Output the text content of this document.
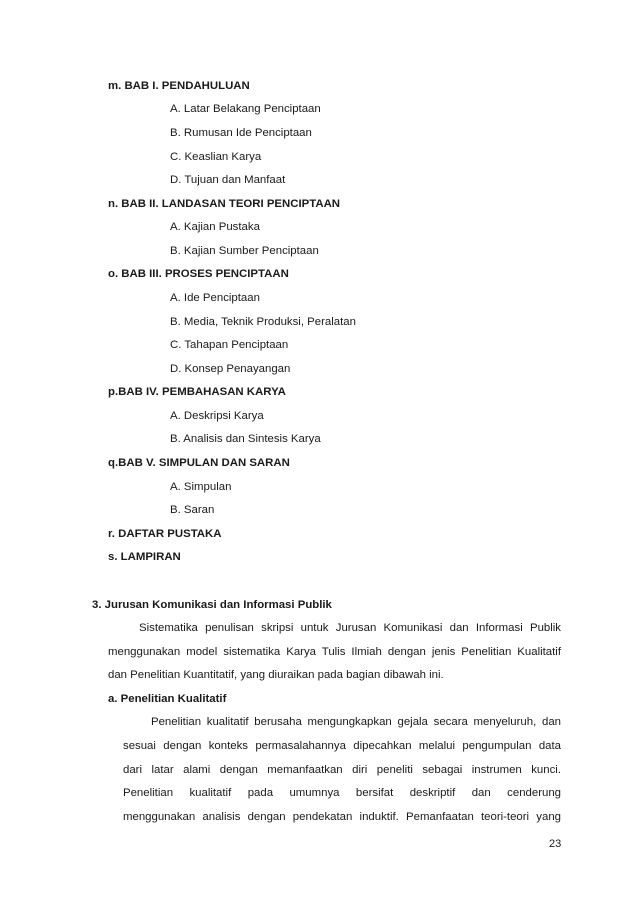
m. BAB I. PENDAHULUAN
A. Latar Belakang Penciptaan
B. Rumusan Ide Penciptaan
C. Keaslian Karya
D. Tujuan dan Manfaat
n. BAB II. LANDASAN TEORI PENCIPTAAN
A. Kajian Pustaka
B. Kajian Sumber Penciptaan
o. BAB III. PROSES PENCIPTAAN
A. Ide Penciptaan
B. Media, Teknik Produksi, Peralatan
C. Tahapan Penciptaan
D. Konsep Penayangan
p.BAB IV. PEMBAHASAN KARYA
A. Deskripsi Karya
B. Analisis dan Sintesis Karya
q.BAB V. SIMPULAN DAN SARAN
A. Simpulan
B. Saran
r. DAFTAR PUSTAKA
s. LAMPIRAN
3. Jurusan Komunikasi dan Informasi Publik
Sistematika penulisan skripsi untuk Jurusan Komunikasi dan Informasi Publik
menggunakan model sistematika Karya Tulis Ilmiah dengan jenis Penelitian Kualitatif
dan Penelitian Kuantitatif, yang diuraikan pada bagian dibawah ini.
a. Penelitian Kualitatif
Penelitian kualitatif berusaha mengungkapkan gejala secara menyeluruh, dan
sesuai dengan konteks permasalahannya dipecahkan melalui pengumpulan data
dari latar alami dengan memanfaatkan diri peneliti sebagai instrumen kunci.
Penelitian kualitatif pada umumnya bersifat deskriptif dan cenderung
menggunakan analisis dengan pendekatan induktif. Pemanfaatan teori-teori yang
23
